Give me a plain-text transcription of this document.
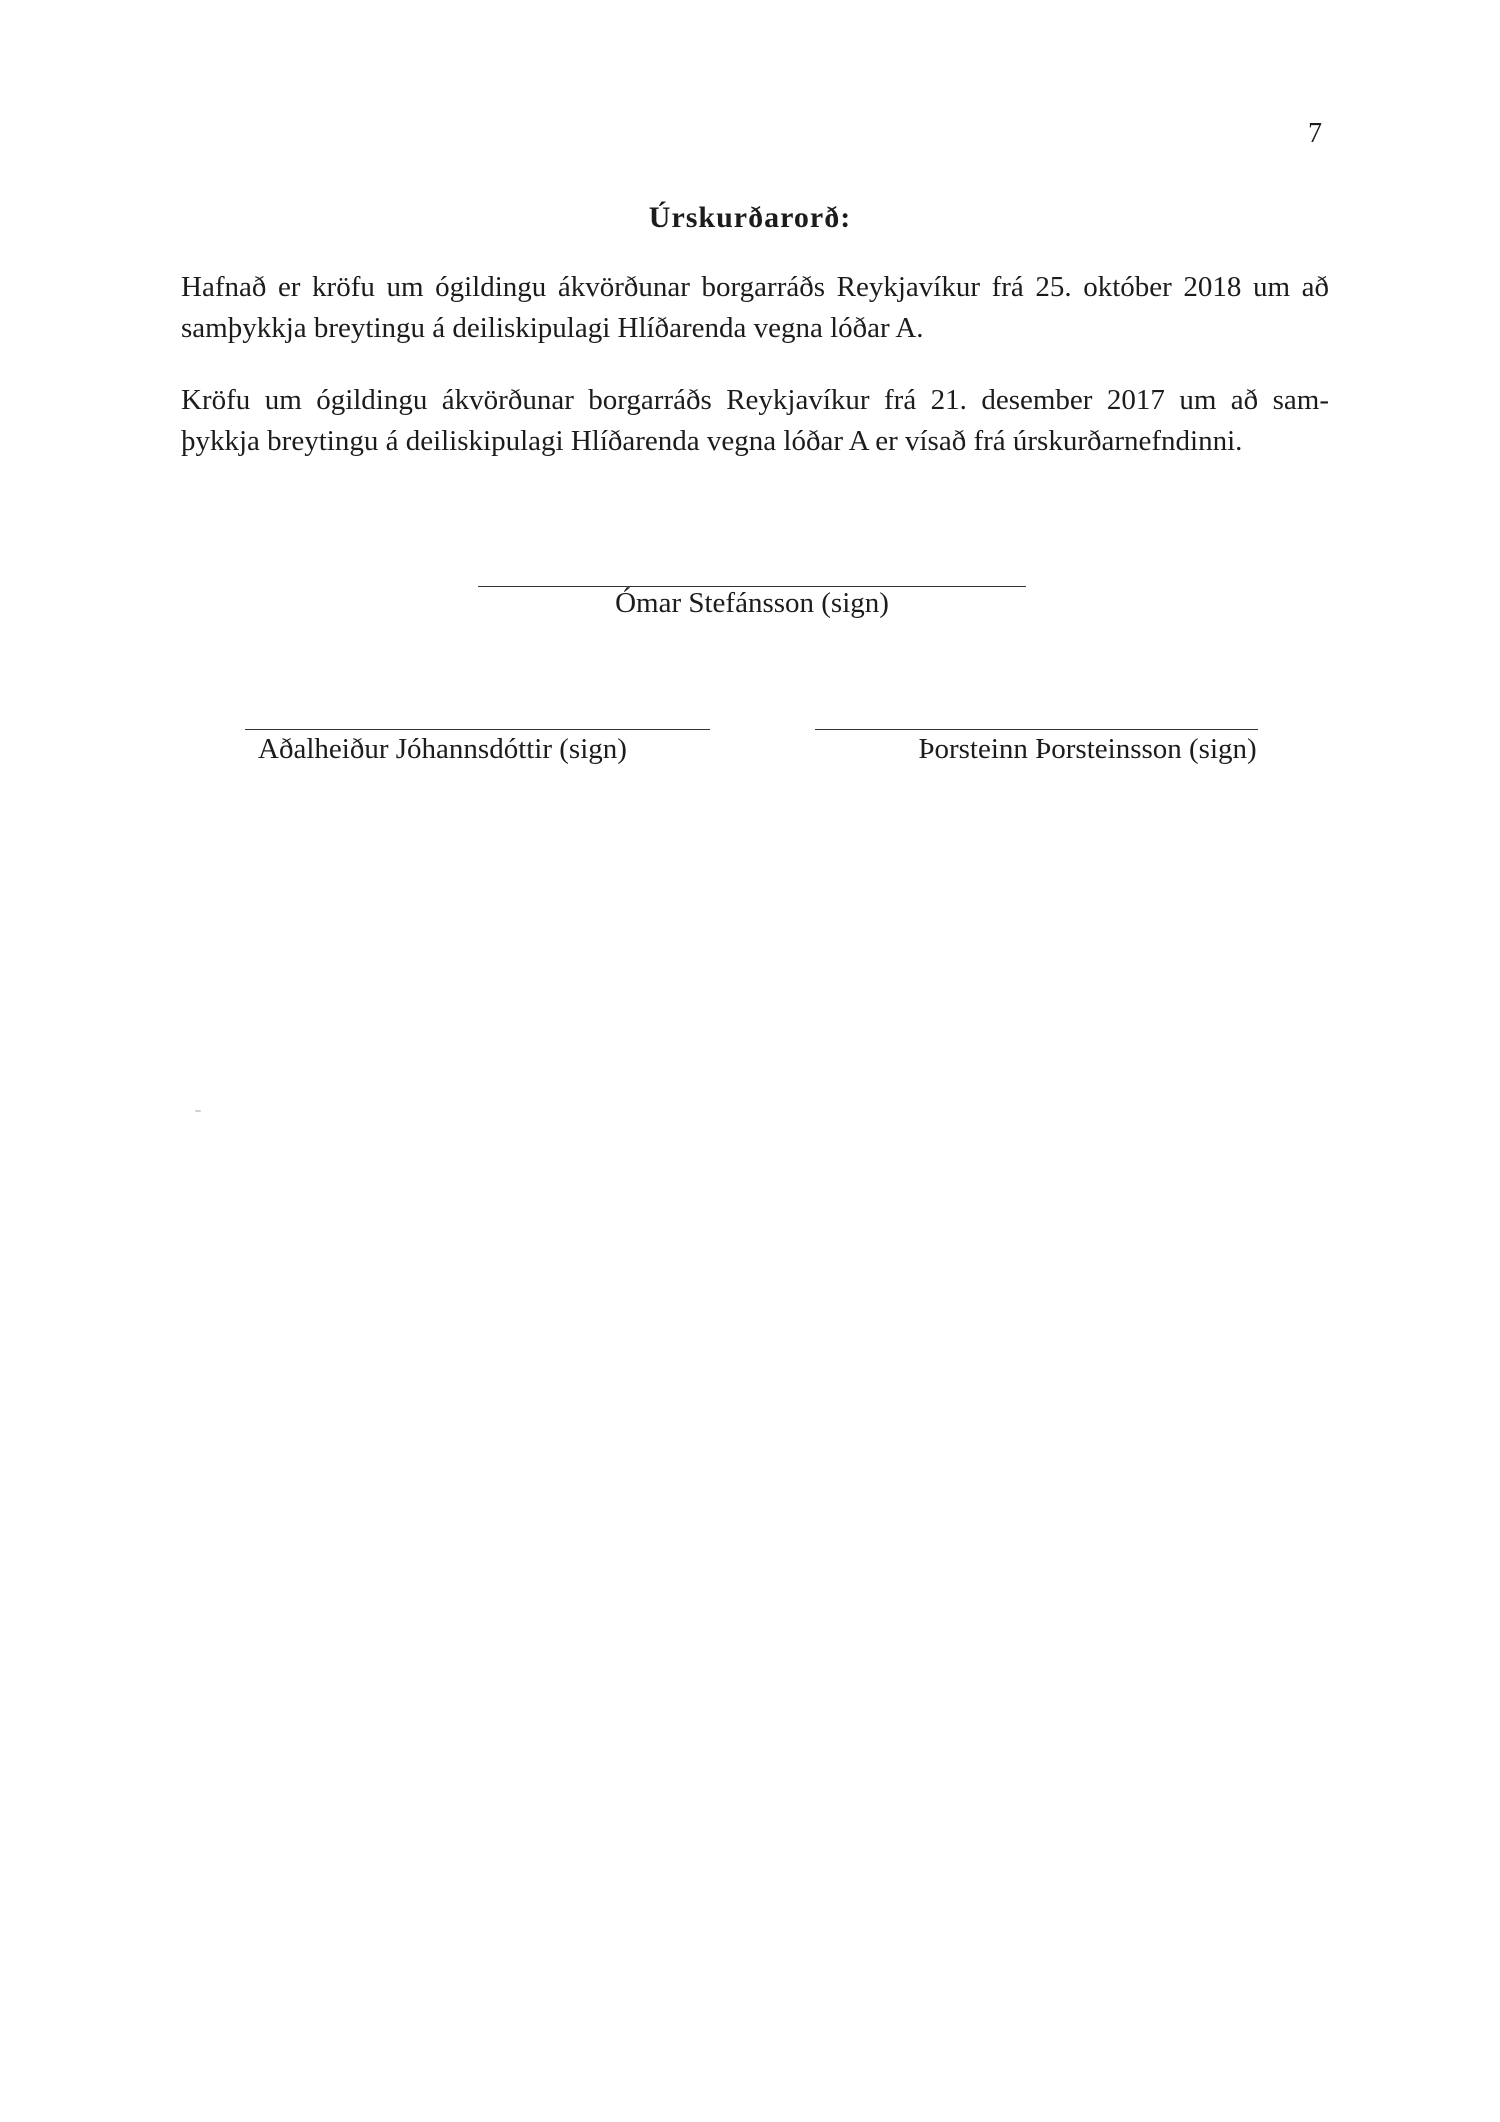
7
Úrskurðarorð:
Hafnað er kröfu um ógildingu ákvörðunar borgarráðs Reykjavíkur frá 25. október 2018 um að
samþykkja breytingu á deiliskipulagi Hlíðarenda vegna lóðar A.
Kröfu um ógildingu ákvörðunar borgarráðs Reykjavíkur frá 21. desember 2017 um að sam-
þykkja breytingu á deiliskipulagi Hlíðarenda vegna lóðar A er vísað frá úrskurðarnefndinni.
Ómar Stefánsson (sign)
Aðalheiður Jóhannsdóttir (sign)	Þorsteinn Þorsteinsson (sign)
